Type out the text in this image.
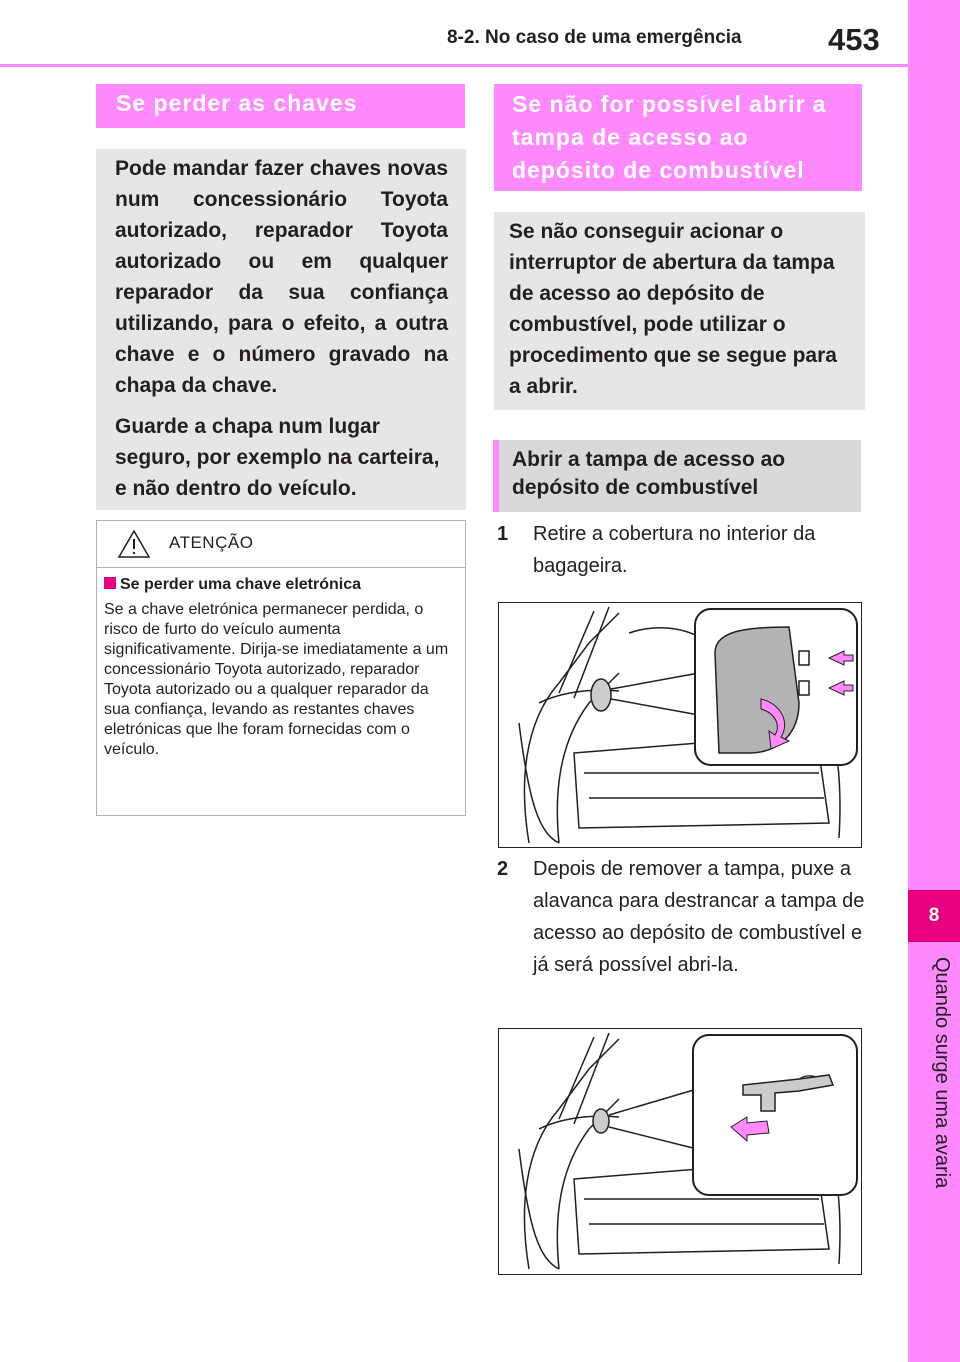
8-2. No caso de uma emergência	453
8
Quando surge uma avaria
Se perder as chaves

Pode mandar fazer chaves novas num concessionário Toyota autorizado, reparador Toyota autorizado ou em qualquer reparador da sua confiança utilizando, para o efeito, a outra chave e o número gravado na chapa da chave.

Guarde a chapa num lugar seguro, por exemplo na carteira, e não dentro do veículo.

ATENÇÃO
Se perder uma chave eletrónica
Se a chave eletrónica permanecer perdida, o risco de furto do veículo aumenta significativamente. Dirija-se imediatamente a um concessionário Toyota autorizado, reparador Toyota autorizado ou a qualquer reparador da sua confiança, levando as restantes chaves eletrónicas que lhe foram fornecidas com o veículo.
Se não for possível abrir a tampa de acesso ao depósito de combustível

Se não conseguir acionar o interruptor de abertura da tampa de acesso ao depósito de combustível, pode utilizar o procedimento que se segue para a abrir.

Abrir a tampa de acesso ao depósito de combustível
1 Retire a cobertura no interior da bagageira.
2 Depois de remover a tampa, puxe a alavanca para destrancar a tampa de acesso ao depósito de combustível e já será possível abri-la.
